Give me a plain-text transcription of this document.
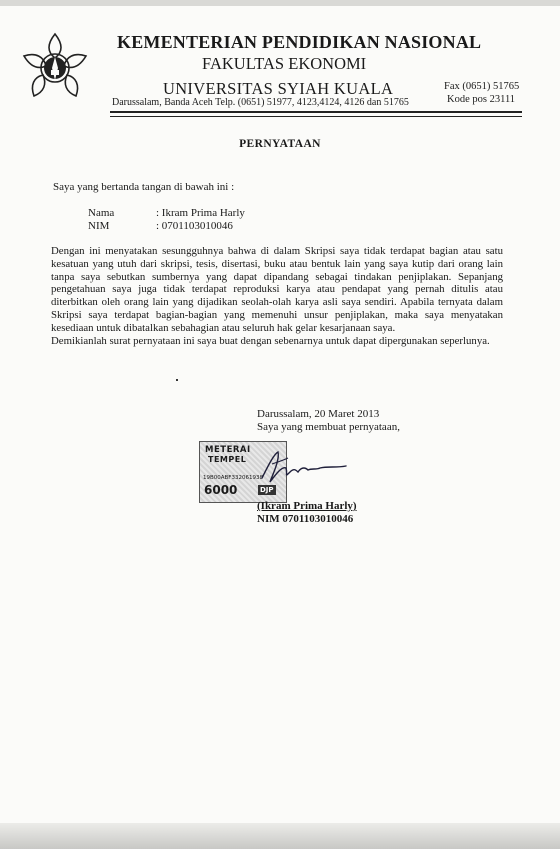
KEMENTERIAN PENDIDIKAN NASIONAL
FAKULTAS EKONOMI
UNIVERSITAS SYIAH KUALA
Darussalam, Banda Aceh Telp. (0651) 51977, 4123,4124, 4126 dan 51765
Fax (0651) 51765
Kode pos 23111
PERNYATAAN
Saya yang bertanda tangan di bawah ini :
Nama	: Ikram Prima Harly
NIM	: 0701103010046

Dengan ini menyatakan sesungguhnya bahwa di dalam Skripsi saya tidak terdapat bagian atau satu kesatuan yang utuh dari skripsi, tesis, disertasi, buku atau bentuk lain yang saya kutip dari orang lain tanpa saya sebutkan sumbernya yang dapat dipandang sebagai tindakan penjiplakan. Sepanjang pengetahuan saya juga tidak terdapat reproduksi karya atau pendapat yang pernah ditulis atau diterbitkan oleh orang lain yang dijadikan seolah-olah karya asli saya sendiri. Apabila ternyata dalam Skripsi saya terdapat bagian-bagian yang memenuhi unsur penjiplakan, maka saya menyatakan kesediaan untuk dibatalkan sebahagian atau seluruh hak gelar kesarjanaan saya.

Demikianlah surat pernyataan ini saya buat dengan sebenarnya untuk dapat dipergunakan seperlunya.

Darussalam, 20 Maret 2013
Saya yang membuat pernyataan,
METERAI
TEMPEL
19B00ABF332061938
6000	DJP
(Ikram Prima Harly)
NIM 0701103010046
